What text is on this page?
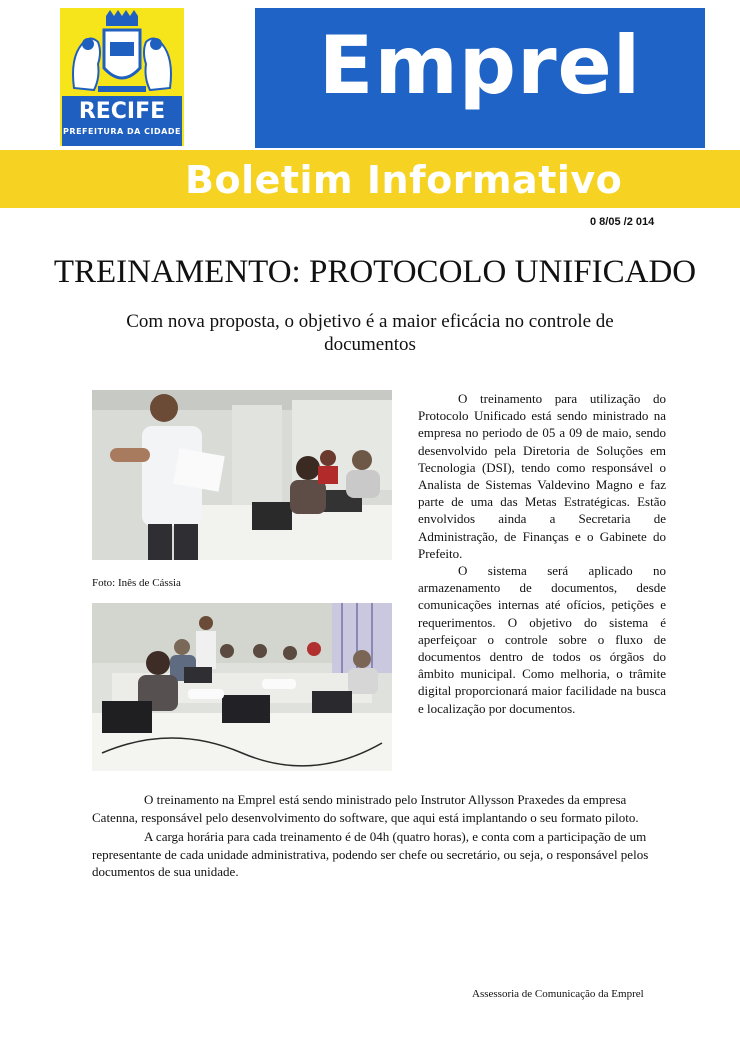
Emprel
RECIFE
PREFEITURA DA CIDADE
Boletim Informativo
0 8/05 /2 014
TREINAMENTO: PROTOCOLO UNIFICADO
Com nova proposta, o objetivo é a maior eficácia no controle de documentos
Foto: Inês de Cássia

O treinamento para utilização do Protocolo Unificado está sendo ministrado na empresa no periodo de 05 a 09 de maio, sendo desenvolvido pela Diretoria de Soluções em Tecnologia (DSI), tendo como responsável o Analista de Sistemas Valdevino Magno e faz parte de uma das Metas Estratégicas. Estão envolvidos ainda a Secretaria de Administração, de Finanças e o Gabinete do Prefeito.

O sistema será aplicado no armazenamento de documentos, desde comunicações internas até ofícios, petições e requerimentos. O objetivo do sistema é aperfeiçoar o controle sobre o fluxo de documentos dentro de todos os órgãos do âmbito municipal. Como melhoria, o trâmite digital proporcionará maior facilidade na busca e localização por documentos.

O treinamento na Emprel está sendo ministrado pelo Instrutor Allysson Praxedes da empresa Catenna, responsável pelo desenvolvimento do software, que aqui está implantando o seu formato piloto.

A carga horária para cada treinamento é de 04h (quatro horas), e conta com a participação de um representante de cada unidade administrativa, podendo ser chefe ou secretário, ou seja, o responsável pelos documentos de sua unidade.

Assessoria de Comunicação da Emprel
